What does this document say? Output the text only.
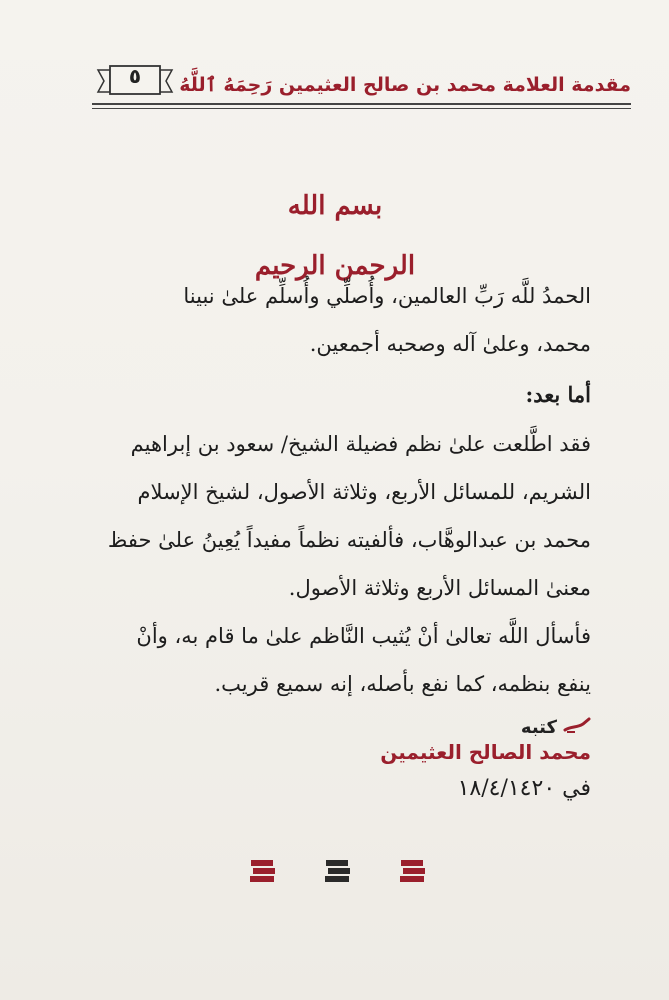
مقدمة العلامة محمد بن صالح العثيمين رَحِمَهُ ٱللَّهُ
٥
بسم الله الرحمن الرحيم
الحمدُ للَّه رَبِّ العالمين، وأُصلِّي وأُسلِّم علىٰ نبينا
محمد، وعلىٰ آله وصحبه أجمعين.
أما بعد:
فقد اطَّلعت علىٰ نظم فضيلة الشيخ/ سعود بن إبراهيم
الشريم، للمسائل الأربع، وثلاثة الأصول، لشيخ الإسلام
محمد بن عبدالوهَّاب، فألفيته نظماً مفيداً يُعِينُ علىٰ حفظ
معنىٰ المسائل الأربع وثلاثة الأصول.
فأسأل اللَّه تعالىٰ أنْ يُثيب النَّاظم علىٰ ما قام به، وأنْ
ينفع بنظمه، كما نفع بأصله، إنه سميع قريب.
كتبه
محمد الصالح العثيمين
في ١٨/٤/١٤٢٠
